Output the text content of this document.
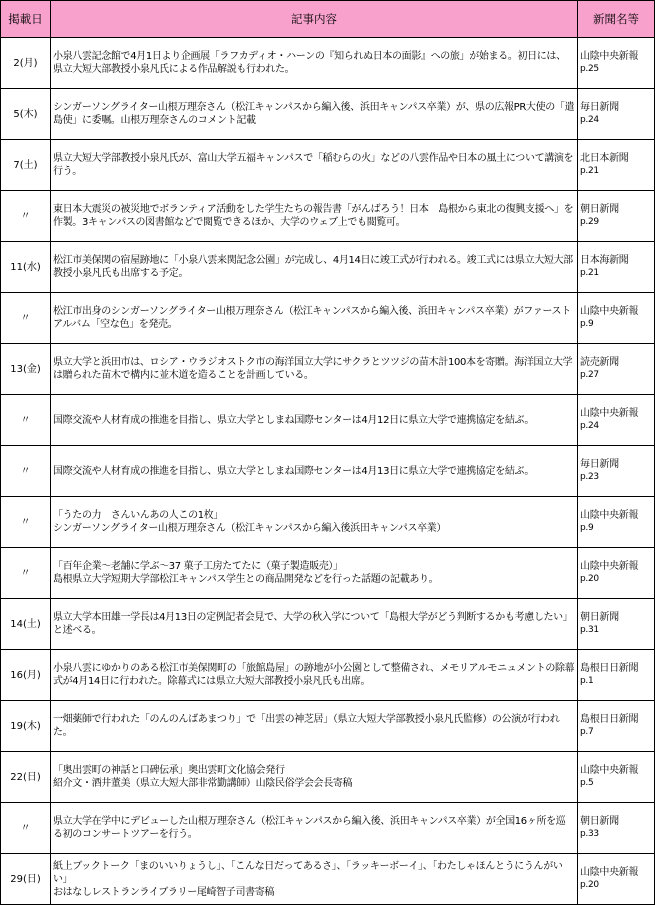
掲載日	記事内容	新聞名等
2(月)	小泉八雲記念館で4月1日より企画展「ラフカディオ・ハーンの『知られぬ日本の面影』への旅」が始まる。初日には、県立大短大部教授小泉凡氏による作品解説も行われた。	山陰中央新報
p.25

5(木)	シンガーソングライター山根万理奈さん（松江キャンパスから編入後、浜田キャンパス卒業）が、県の広報PR大使の「遣島使」に委嘱。山根万理奈さんのコメント記載	毎日新聞
p.24

7(土)	県立大短大学部教授小泉凡氏が、富山大学五福キャンパスで「稲むらの火」などの八雲作品や日本の風土について講演を行う。	北日本新聞
p.21

〃	東日本大震災の被災地でボランティア活動をした学生たちの報告書「がんばろう！日本　島根から東北の復興支援へ」を作製。3キャンパスの図書館などで閲覧できるほか、大学のウェブ上でも閲覧可。	朝日新聞
p.29

11(水)	松江市美保関の宿屋跡地に「小泉八雲来関記念公園」が完成し、4月14日に竣工式が行われる。竣工式には県立大短大部教授小泉凡氏も出席する予定。	日本海新聞
p.21

〃	松江市出身のシンガーソングライター山根万理奈さん（松江キャンパスから編入後、浜田キャンパス卒業）がファーストアルバム「空な色」を発売。	山陰中央新報
p.9

13(金)	県立大学と浜田市は、ロシア・ウラジオストク市の海洋国立大学にサクラとツツジの苗木計100本を寄贈。海洋国立大学は贈られた苗木で構内に並木道を造ることを計画している。	読売新聞
p.27

〃	国際交流や人材育成の推進を目指し、県立大学としまね国際センターは4月12日に県立大学で連携協定を結ぶ。	山陰中央新報
p.24

〃	国際交流や人材育成の推進を目指し、県立大学としまね国際センターは4月13日に県立大学で連携協定を結ぶ。	毎日新聞
p.23

〃	「うたの力　さんいんあの人この1枚」
シンガーソングライター山根万理奈さん（松江キャンパスから編入後浜田キャンパス卒業）	山陰中央新報
p.9

〃	「百年企業～老舗に学ぶ～37 菓子工房たてたに（菓子製造販売）」
島根県立大学短期大学部松江キャンパス学生との商品開発などを行った話題の記載あり。	山陰中央新報
p.20

14(土)	県立大学本田雄一学長は4月13日の定例記者会見で、大学の秋入学について「島根大学がどう判断するかも考慮したい」と述べる。	朝日新聞
p.31

16(月)	小泉八雲にゆかりのある松江市美保関町の「旅館島屋」の跡地が小公園として整備され、メモリアルモニュメントの除幕式が4月14日に行われた。除幕式には県立大短大部教授小泉凡氏も出席。	島根日日新聞
p.1

19(木)	一畑薬師で行われた「のんのんばあまつり」で「出雲の神芝居」（県立大短大学部教授小泉凡氏監修）の公演が行われた。	島根日日新聞
p.7

22(日)	「奥出雲町の神話と口碑伝承」奥出雲町文化協会発行
紹介文・酒井董美（県立大短大部非常勤講師）山陰民俗学会会長寄稿	山陰中央新報
p.5

〃	県立大学在学中にデビューした山根万理奈さん（松江キャンパスから編入後、浜田キャンパス卒業）が全国16ヶ所を巡る初のコンサートツアーを行う。	朝日新聞
p.33

29(日)	紙上ブックトーク「まのいいりょうし」、「こんな日だってあるさ」、「ラッキーボーイ」、「わたしゃほんとうにうんがいい」
おはなしレストランライブラリー尾崎智子司書寄稿	山陰中央新報
p.20
